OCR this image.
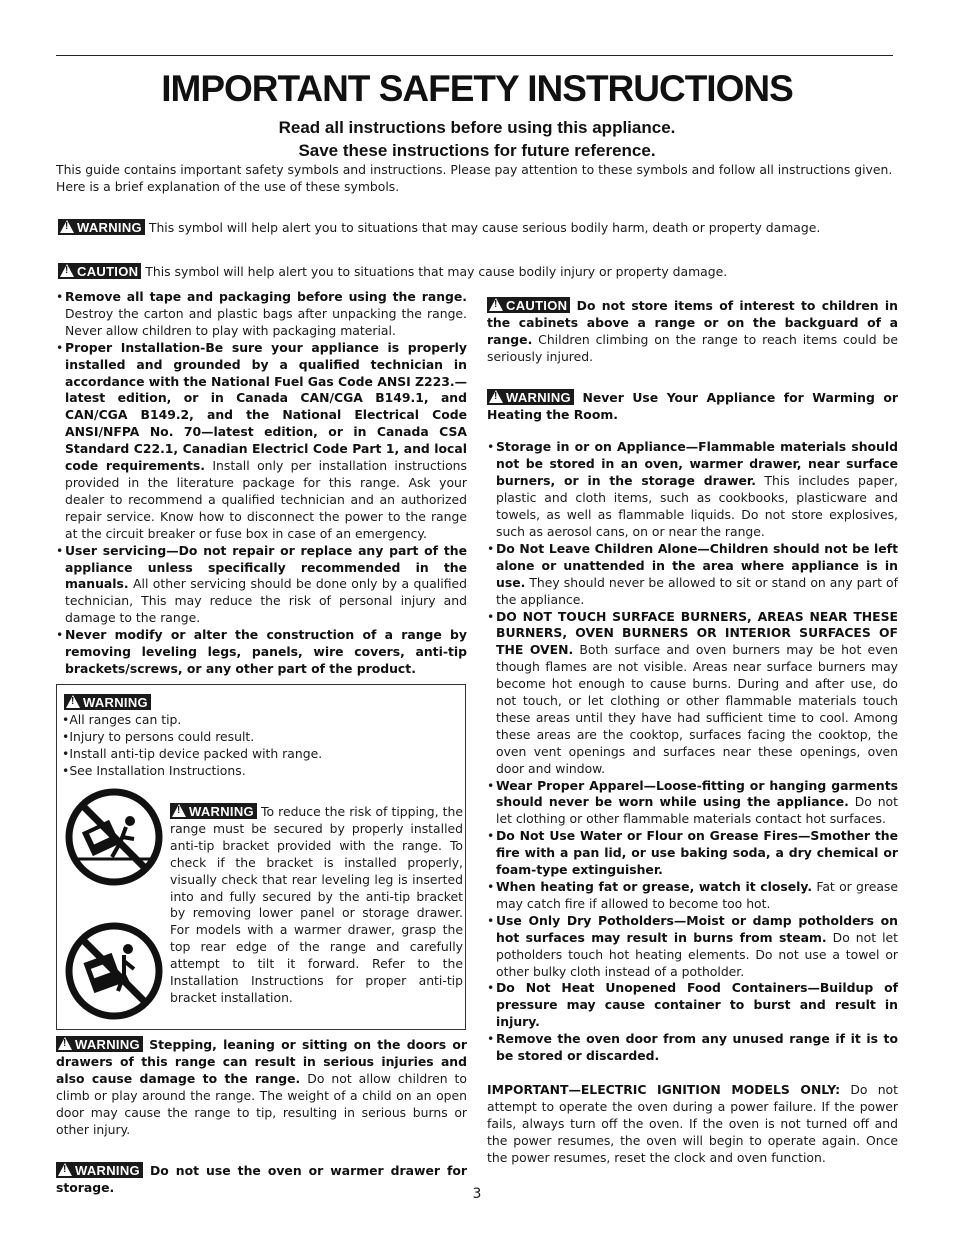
IMPORTANT SAFETY INSTRUCTIONS
Read all instructions before using this appliance.
Save these instructions for future reference.
This guide contains important safety symbols and instructions. Please pay attention to these symbols and follow all instructions given. Here is a brief explanation of the use of these symbols.
!WARNING This symbol will help alert you to situations that may cause serious bodily harm, death or property damage.
!CAUTION This symbol will help alert you to situations that may cause bodily injury or property damage.

• Remove all tape and packaging before using the range. Destroy the carton and plastic bags after unpacking the range. Never allow children to play with packaging material.

• Proper Installation-Be sure your appliance is properly installed and grounded by a qualified technician in accordance with the National Fuel Gas Code ANSI Z223.—latest edition, or in Canada CAN/CGA B149.1, and CAN/CGA B149.2, and the National Electrical Code ANSI/NFPA No. 70—latest edition, or in Canada CSA Standard C22.1, Canadian Electricl Code Part 1, and local code requirements. Install only per installation instructions provided in the literature package for this range. Ask your dealer to recommend a qualified technician and an authorized repair service. Know how to disconnect the power to the range at the circuit breaker or fuse box in case of an emergency.

• User servicing—Do not repair or replace any part of the appliance unless specifically recommended in the manuals. All other servicing should be done only by a qualified technician, This may reduce the risk of personal injury and damage to the range.

• Never modify or alter the construction of a range by removing leveling legs, panels, wire covers, anti-tip brackets/screws, or any other part of the product.

!WARNING
• All ranges can tip.
• Injury to persons could result.
• Install anti-tip device packed with range.
• See Installation Instructions.
!WARNING To reduce the risk of tipping, the range must be secured by properly installed anti-tip bracket provided with the range. To check if the bracket is installed properly, visually check that rear leveling leg is inserted into and fully secured by the anti-tip bracket by removing lower panel or storage drawer. For models with a warmer drawer, grasp the top rear edge of the range and carefully attempt to tilt it forward. Refer to the Installation Instructions for proper anti-tip bracket installation.

!WARNING Stepping, leaning or sitting on the doors or drawers of this range can result in serious injuries and also cause damage to the range. Do not allow children to climb or play around the range. The weight of a child on an open door may cause the range to tip, resulting in serious burns or other injury.

!WARNING Do not use the oven or warmer drawer for storage.

!CAUTION Do not store items of interest to children in the cabinets above a range or on the backguard of a range. Children climbing on the range to reach items could be seriously injured.

!WARNING Never Use Your Appliance for Warming or Heating the Room.

• Storage in or on Appliance—Flammable materials should not be stored in an oven, warmer drawer, near surface burners, or in the storage drawer. This includes paper, plastic and cloth items, such as cookbooks, plasticware and towels, as well as flammable liquids. Do not store explosives, such as aerosol cans, on or near the range.

• Do Not Leave Children Alone—Children should not be left alone or unattended in the area where appliance is in use. They should never be allowed to sit or stand on any part of the appliance.

• DO NOT TOUCH SURFACE BURNERS, AREAS NEAR THESE BURNERS, OVEN BURNERS OR INTERIOR SURFACES OF THE OVEN. Both surface and oven burners may be hot even though flames are not visible. Areas near surface burners may become hot enough to cause burns. During and after use, do not touch, or let clothing or other flammable materials touch these areas until they have had sufficient time to cool. Among these areas are the cooktop, surfaces facing the cooktop, the oven vent openings and surfaces near these openings, oven door and window.

• Wear Proper Apparel—Loose-fitting or hanging garments should never be worn while using the appliance. Do not let clothing or other flammable materials contact hot surfaces.

• Do Not Use Water or Flour on Grease Fires—Smother the fire with a pan lid, or use baking soda, a dry chemical or foam-type extinguisher.

• When heating fat or grease, watch it closely. Fat or grease may catch fire if allowed to become too hot.

• Use Only Dry Potholders—Moist or damp potholders on hot surfaces may result in burns from steam. Do not let potholders touch hot heating elements. Do not use a towel or other bulky cloth instead of a potholder.

• Do Not Heat Unopened Food Containers—Buildup of pressure may cause container to burst and result in injury.

• Remove the oven door from any unused range if it is to be stored or discarded.

IMPORTANT—ELECTRIC IGNITION MODELS ONLY: Do not attempt to operate the oven during a power failure. If the power fails, always turn off the oven. If the oven is not turned off and the power resumes, the oven will begin to operate again. Once the power resumes, reset the clock and oven function.

3
